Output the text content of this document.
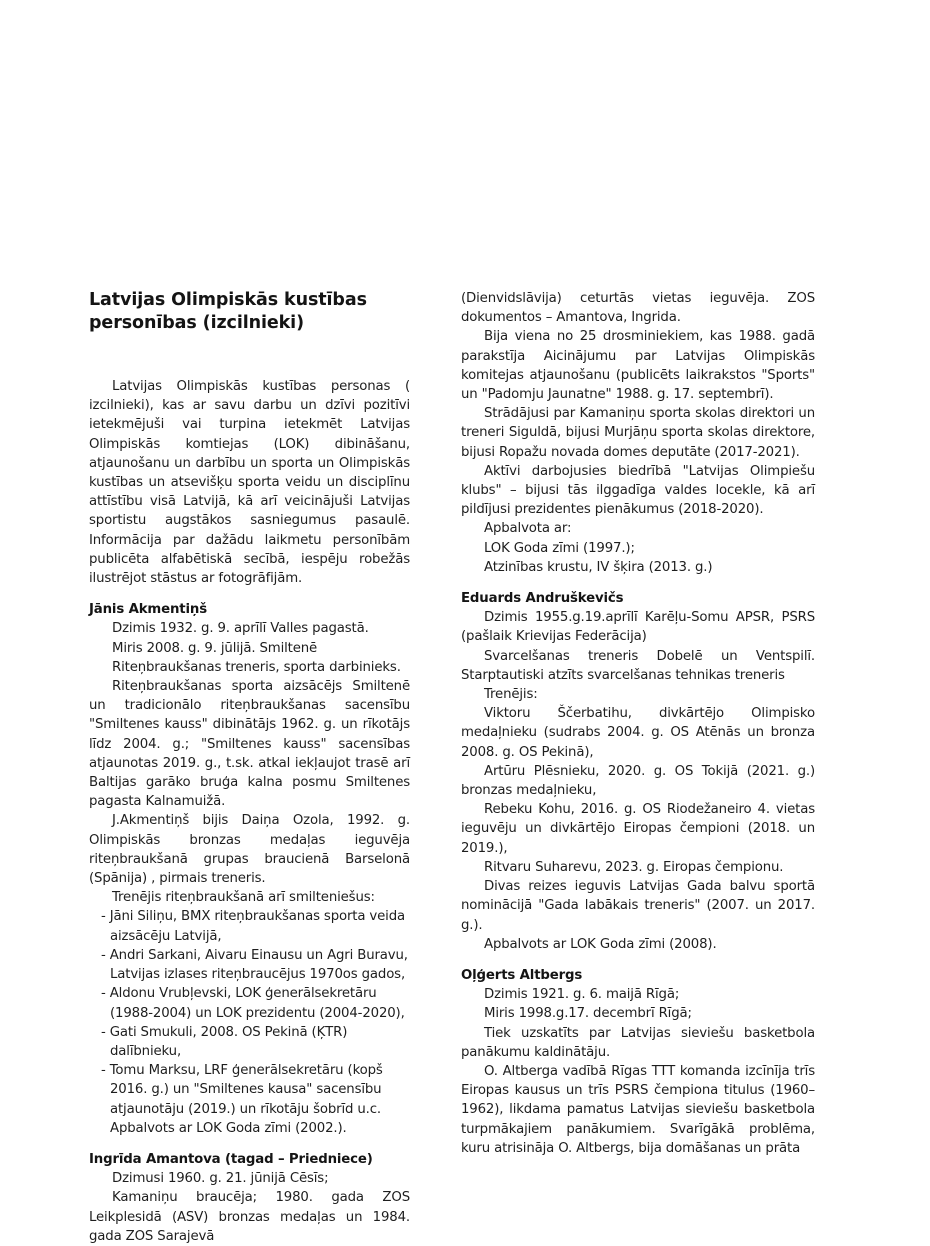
Latvijas Olimpiskās kustības personības (izcilnieki)

Latvijas Olimpiskās kustības personas ( izcilnieki), kas ar savu darbu un dzīvi pozitīvi ietekmējuši vai turpina ietekmēt Latvijas Olimpiskās komtiejas (LOK) dibināšanu, atjaunošanu un darbību un sporta un Olimpiskās kustības un atsevišķu sporta veidu un disciplīnu attīstību visā Latvijā, kā arī veicinājuši Latvijas sportistu augstākos sasniegumus pasaulē. Informācija par dažādu laikmetu personībām publicēta alfabētiskā secībā, iespēju robežās ilustrējot stāstus ar fotogrāfijām.

Jānis Akmentiņš

Dzimis 1932. g. 9. aprīlī Valles pagastā.

Miris 2008. g. 9. jūlijā. Smiltenē

Riteņbraukšanas treneris, sporta darbinieks.

Riteņbraukšanas sporta aizsācējs Smiltenē un tradicionālo riteņbraukšanas sacensību "Smiltenes kauss" dibinātājs 1962. g. un rīkotājs līdz 2004. g.; "Smiltenes kauss" sacensības atjaunotas 2019. g., t.sk. atkal iekļaujot trasē arī Baltijas garāko bruģa kalna posmu Smiltenes pagasta Kalnamuižā.

J.Akmentiņš bijis Daiņa Ozola, 1992. g. Olimpiskās bronzas medaļas ieguvēja riteņbraukšanā grupas braucienā Barselonā (Spānija) , pirmais treneris.

Trenējis riteņbraukšanā arī smilteniešus:

- Jāni Siliņu, BMX riteņbraukšanas sporta veida aizsācēju Latvijā,
- Andri Sarkani, Aivaru Einausu un Agri Buravu, Latvijas izlases riteņbraucējus 1970os gados,
- Aldonu Vrubļevski, LOK ģenerālsekretāru (1988-2004) un LOK prezidentu (2004-2020),
- Gati Smukuli, 2008. OS Pekinā (ĶTR) dalībnieku,
- Tomu Marksu, LRF ģenerālsekretāru (kopš 2016. g.) un "Smiltenes kausa" sacensību atjaunotāju (2019.) un rīkotāju šobrīd u.c. Apbalvots ar LOK Goda zīmi (2002.).
Ingrīda Amantova (tagad – Priedniece)

Dzimusi 1960. g. 21. jūnijā Cēsīs;

Kamaniņu braucēja; 1980. gada ZOS Leikplesidā (ASV) bronzas medaļas un 1984. gada ZOS Sarajevā

(Dienvidslāvija) ceturtās vietas ieguvēja. ZOS dokumentos – Amantova, Ingrida.

Bija viena no 25 drosminiekiem, kas 1988. gadā parakstīja Aicinājumu par Latvijas Olimpiskās komitejas atjaunošanu (publicēts laikrakstos "Sports" un "Padomju Jaunatne" 1988. g. 17. septembrī).

Strādājusi par Kamaniņu sporta skolas direktori un treneri Siguldā, bijusi Murjāņu sporta skolas direktore, bijusi Ropažu novada domes deputāte (2017-2021).

Aktīvi darbojusies biedrībā "Latvijas Olimpiešu klubs" – bijusi tās ilggadīga valdes locekle, kā arī pildījusi prezidentes pienākumus (2018-2020).

Apbalvota ar:

LOK Goda zīmi (1997.);

Atzinības krustu, IV šķira (2013. g.)

Eduards Andruškevičs

Dzimis 1955.g.19.aprīlī Karēļu-Somu APSR, PSRS (pašlaik Krievijas Federācija)

Svarcelšanas treneris Dobelē un Ventspilī. Starptautiski atzīts svarcelšanas tehnikas treneris

Trenējis:

Viktoru Ščerbatihu, divkārtējo Olimpisko medaļnieku (sudrabs 2004. g. OS Atēnās un bronza 2008. g. OS Pekinā),

Artūru Plēsnieku, 2020. g. OS Tokijā (2021. g.) bronzas medaļnieku,

Rebeku Kohu, 2016. g. OS Riodežaneiro 4. vietas ieguvēju un divkārtējo Eiropas čempioni (2018. un 2019.),

Ritvaru Suharevu, 2023. g. Eiropas čempionu.

Divas reizes ieguvis Latvijas Gada balvu sportā nominācijā "Gada labākais treneris" (2007. un 2017. g.).

Apbalvots ar LOK Goda zīmi (2008).

Oļģerts Altbergs

Dzimis 1921. g. 6. maijā Rīgā;

Miris 1998.g.17. decembrī Rīgā;

Tiek uzskatīts par Latvijas sieviešu basketbola panākumu kaldinātāju.

O. Altberga vadībā Rīgas TTT komanda izcīnīja trīs Eiropas kausus un trīs PSRS čempiona titulus (1960–1962), likdama pamatus Latvijas sieviešu basketbola turpmākajiem panākumiem. Svarīgākā problēma, kuru atrisināja O. Altbergs, bija domāšanas un prāta
